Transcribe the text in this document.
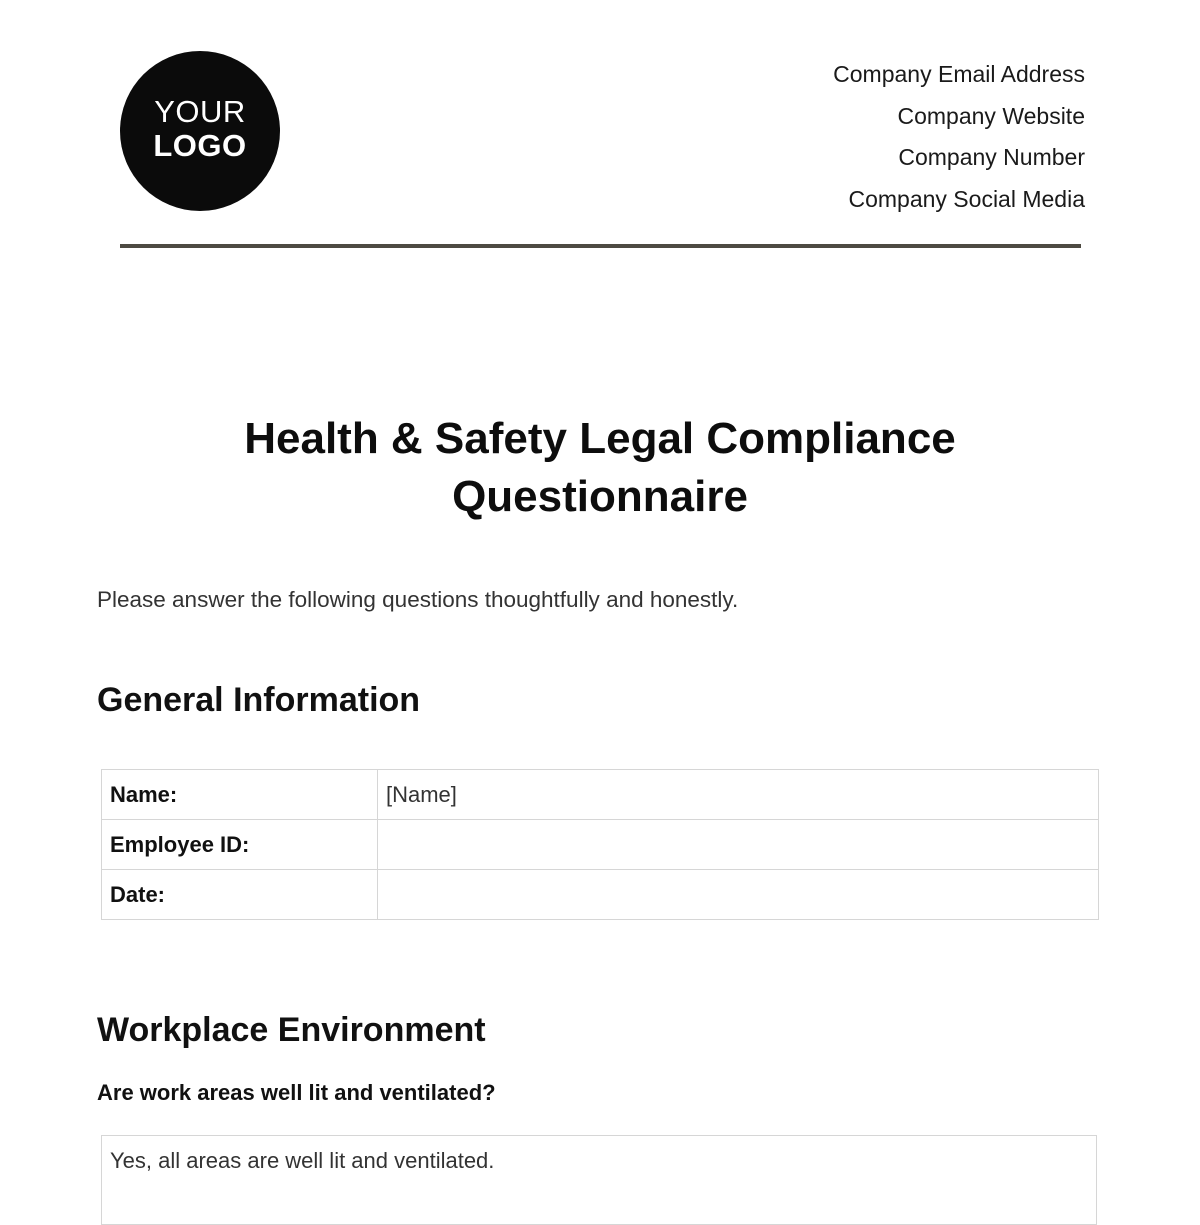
YOUR
LOGO
Company Email Address
Company Website
Company Number
Company Social Media
Health & Safety Legal Compliance
Questionnaire
Please answer the following questions thoughtfully and honestly.
General Information
Name:	[Name]
Employee ID:	
Date:	
Workplace Environment
Are work areas well lit and ventilated?
Yes, all areas are well lit and ventilated.
